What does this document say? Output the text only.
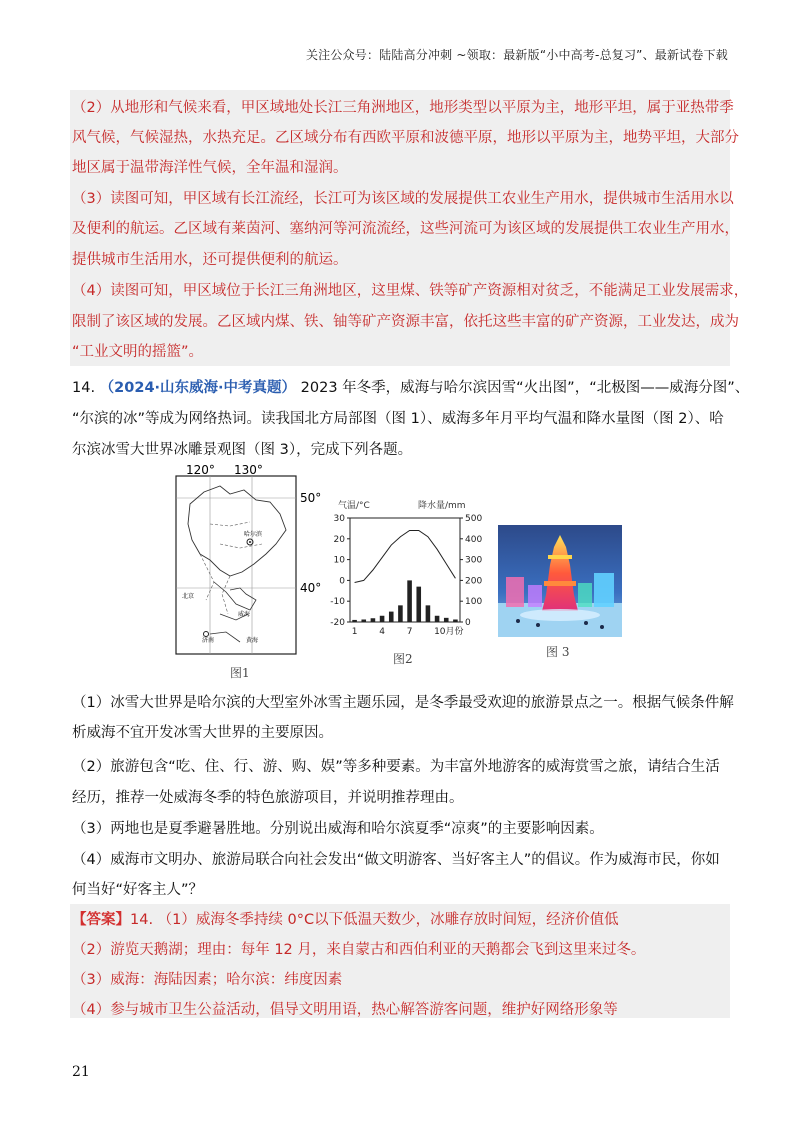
关注公众号：陆陆高分冲刺 ~领取：最新版“小中高考-总复习”、最新试卷下载
（2）从地形和气候来看，甲区域地处长江三角洲地区，地形类型以平原为主，地形平坦，属于亚热带季
风气候，气候湿热，水热充足。乙区域分布有西欧平原和波德平原，地形以平原为主，地势平坦，大部分
地区属于温带海洋性气候，全年温和湿润。
（3）读图可知，甲区域有长江流经，长江可为该区域的发展提供工农业生产用水，提供城市生活用水以
及便利的航运。乙区域有莱茵河、塞纳河等河流流经，这些河流可为该区域的发展提供工农业生产用水，
提供城市生活用水，还可提供便利的航运。
（4）读图可知，甲区域位于长江三角洲地区，这里煤、铁等矿产资源相对贫乏，不能满足工业发展需求，
限制了该区域的发展。乙区域内煤、铁、铀等矿产资源丰富，依托这些丰富的矿产资源，工业发达，成为
“工业文明的摇篮”。
14. （2024·山东威海·中考真题） 2023 年冬季，威海与哈尔滨因雪“火出图”，“北极图——威海分图”、
“尔滨的冰”等成为网络热词。读我国北方局部图（图 1）、威海多年月平均气温和降水量图（图 2）、哈
尔滨冰雪大世界冰雕景观图（图 3），完成下列各题。
120° 130°
50°
40°
哈尔滨
北京
威海
济南	黄海
图1
气温/°C	降水量/mm
30
20
10
0
-10
-20
500
400
300
200
100
0
1 4 7 10月份
图2	图 3
（1）冰雪大世界是哈尔滨的大型室外冰雪主题乐园，是冬季最受欢迎的旅游景点之一。根据气候条件解
析威海不宜开发冰雪大世界的主要原因。
（2）旅游包含“吃、住、行、游、购、娱”等多种要素。为丰富外地游客的威海赏雪之旅，请结合生活
经历，推荐一处威海冬季的特色旅游项目，并说明推荐理由。
（3）两地也是夏季避暑胜地。分别说出威海和哈尔滨夏季“凉爽”的主要影响因素。
（4）威海市文明办、旅游局联合向社会发出“做文明游客、当好客主人”的倡议。作为威海市民，你如
何当好“好客主人”？
【答案】14. （1）威海冬季持续 0°C以下低温天数少，冰雕存放时间短，经济价值低
（2）游览天鹅湖；理由：每年 12 月，来自蒙古和西伯利亚的天鹅都会飞到这里来过冬。
（3）威海：海陆因素；哈尔滨：纬度因素
（4）参与城市卫生公益活动，倡导文明用语，热心解答游客问题，维护好网络形象等
21
